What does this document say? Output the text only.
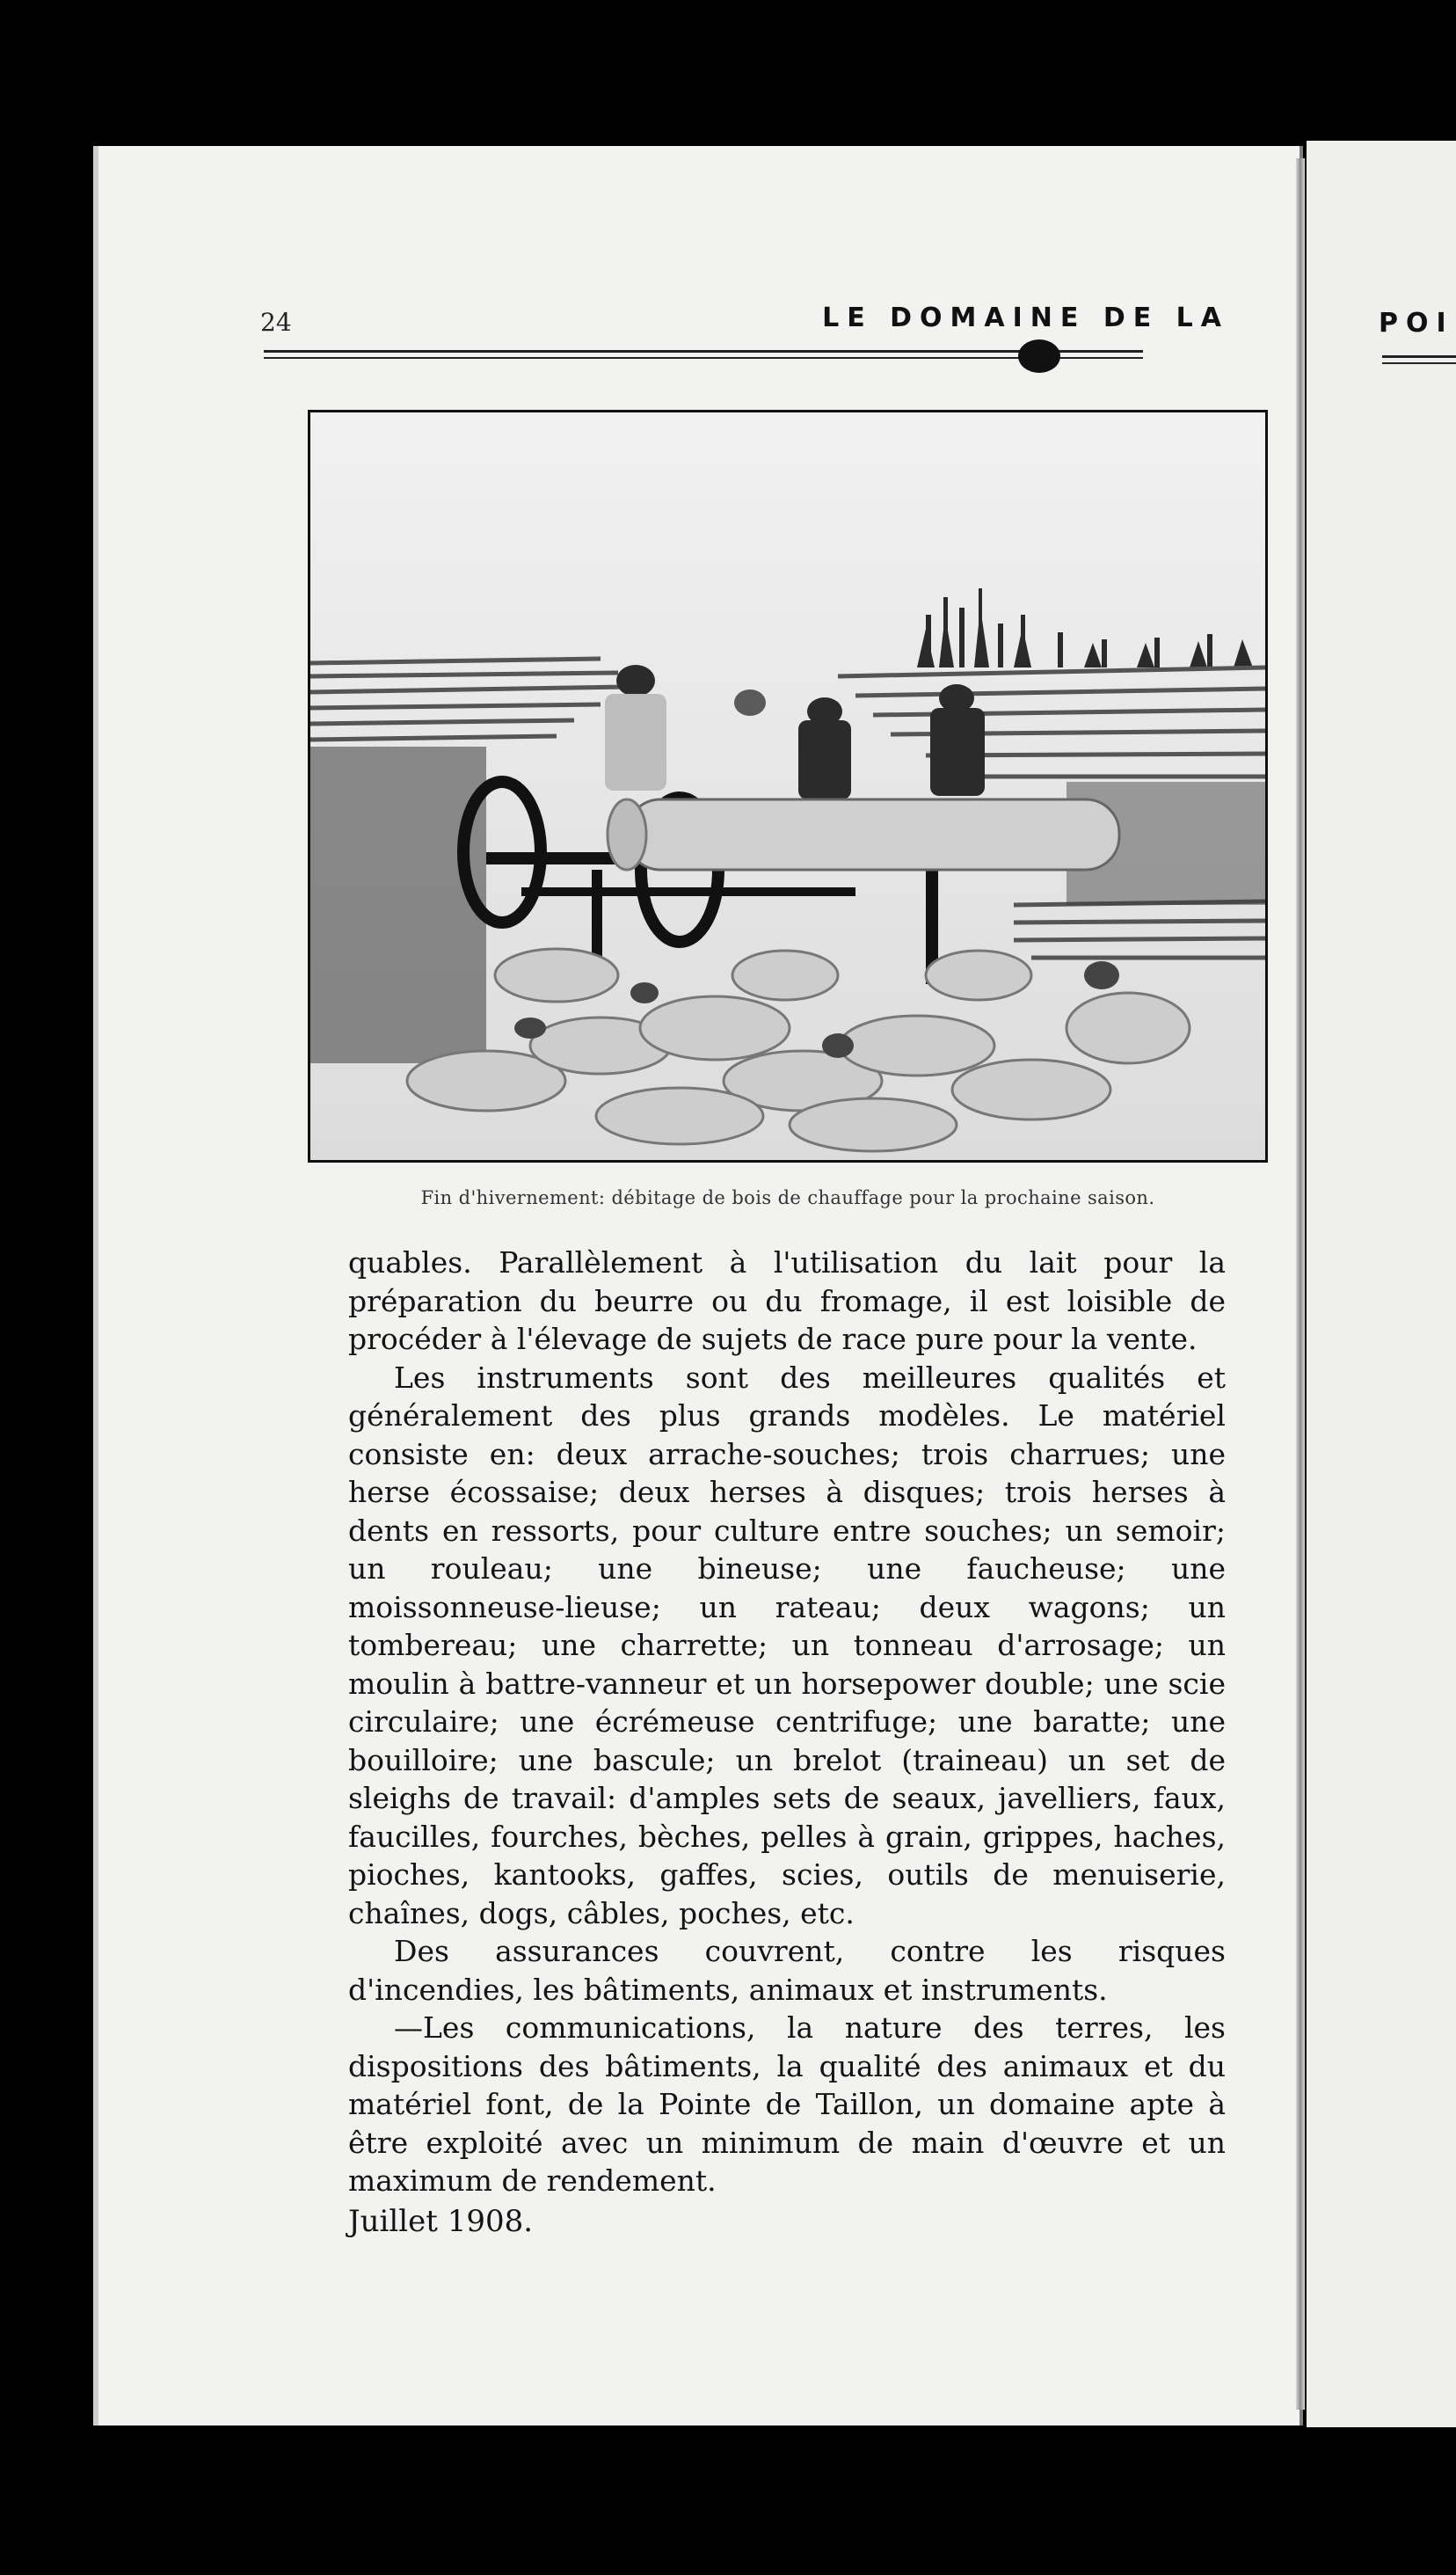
24	LE DOMAINE DE LA	POI
Fin d'hivernement: débitage de bois de chauffage pour la prochaine saison.

quables. Parallèlement à l'utilisation du lait pour la préparation du beurre ou du fromage, il est loisible de procéder à l'élevage de sujets de race pure pour la vente.

Les instruments sont des meilleures qualités et généralement des plus grands modèles. Le matériel consiste en: deux arrache-souches; trois charrues; une herse écossaise; deux herses à disques; trois herses à dents en ressorts, pour culture entre souches; un semoir; un rouleau; une bineuse; une faucheuse; une moissonneuse-lieuse; un rateau; deux wagons; un tombereau; une charrette; un tonneau d'arrosage; un moulin à battre-vanneur et un horsepower double; une scie circulaire; une écrémeuse centrifuge; une baratte; une bouilloire; une bascule; un brelot (traineau) un set de sleighs de travail: d'amples sets de seaux, javelliers, faux, faucilles, fourches, bèches, pelles à grain, grippes, haches, pioches, kantooks, gaffes, scies, outils de menuiserie, chaînes, dogs, câbles, poches, etc.

Des assurances couvrent, contre les risques d'incendies, les bâtiments, animaux et instruments.

—Les communications, la nature des terres, les dispositions des bâtiments, la qualité des animaux et du matériel font, de la Pointe de Taillon, un domaine apte à être exploité avec un minimum de main d'œuvre et un maximum de rendement.

Juillet 1908.
